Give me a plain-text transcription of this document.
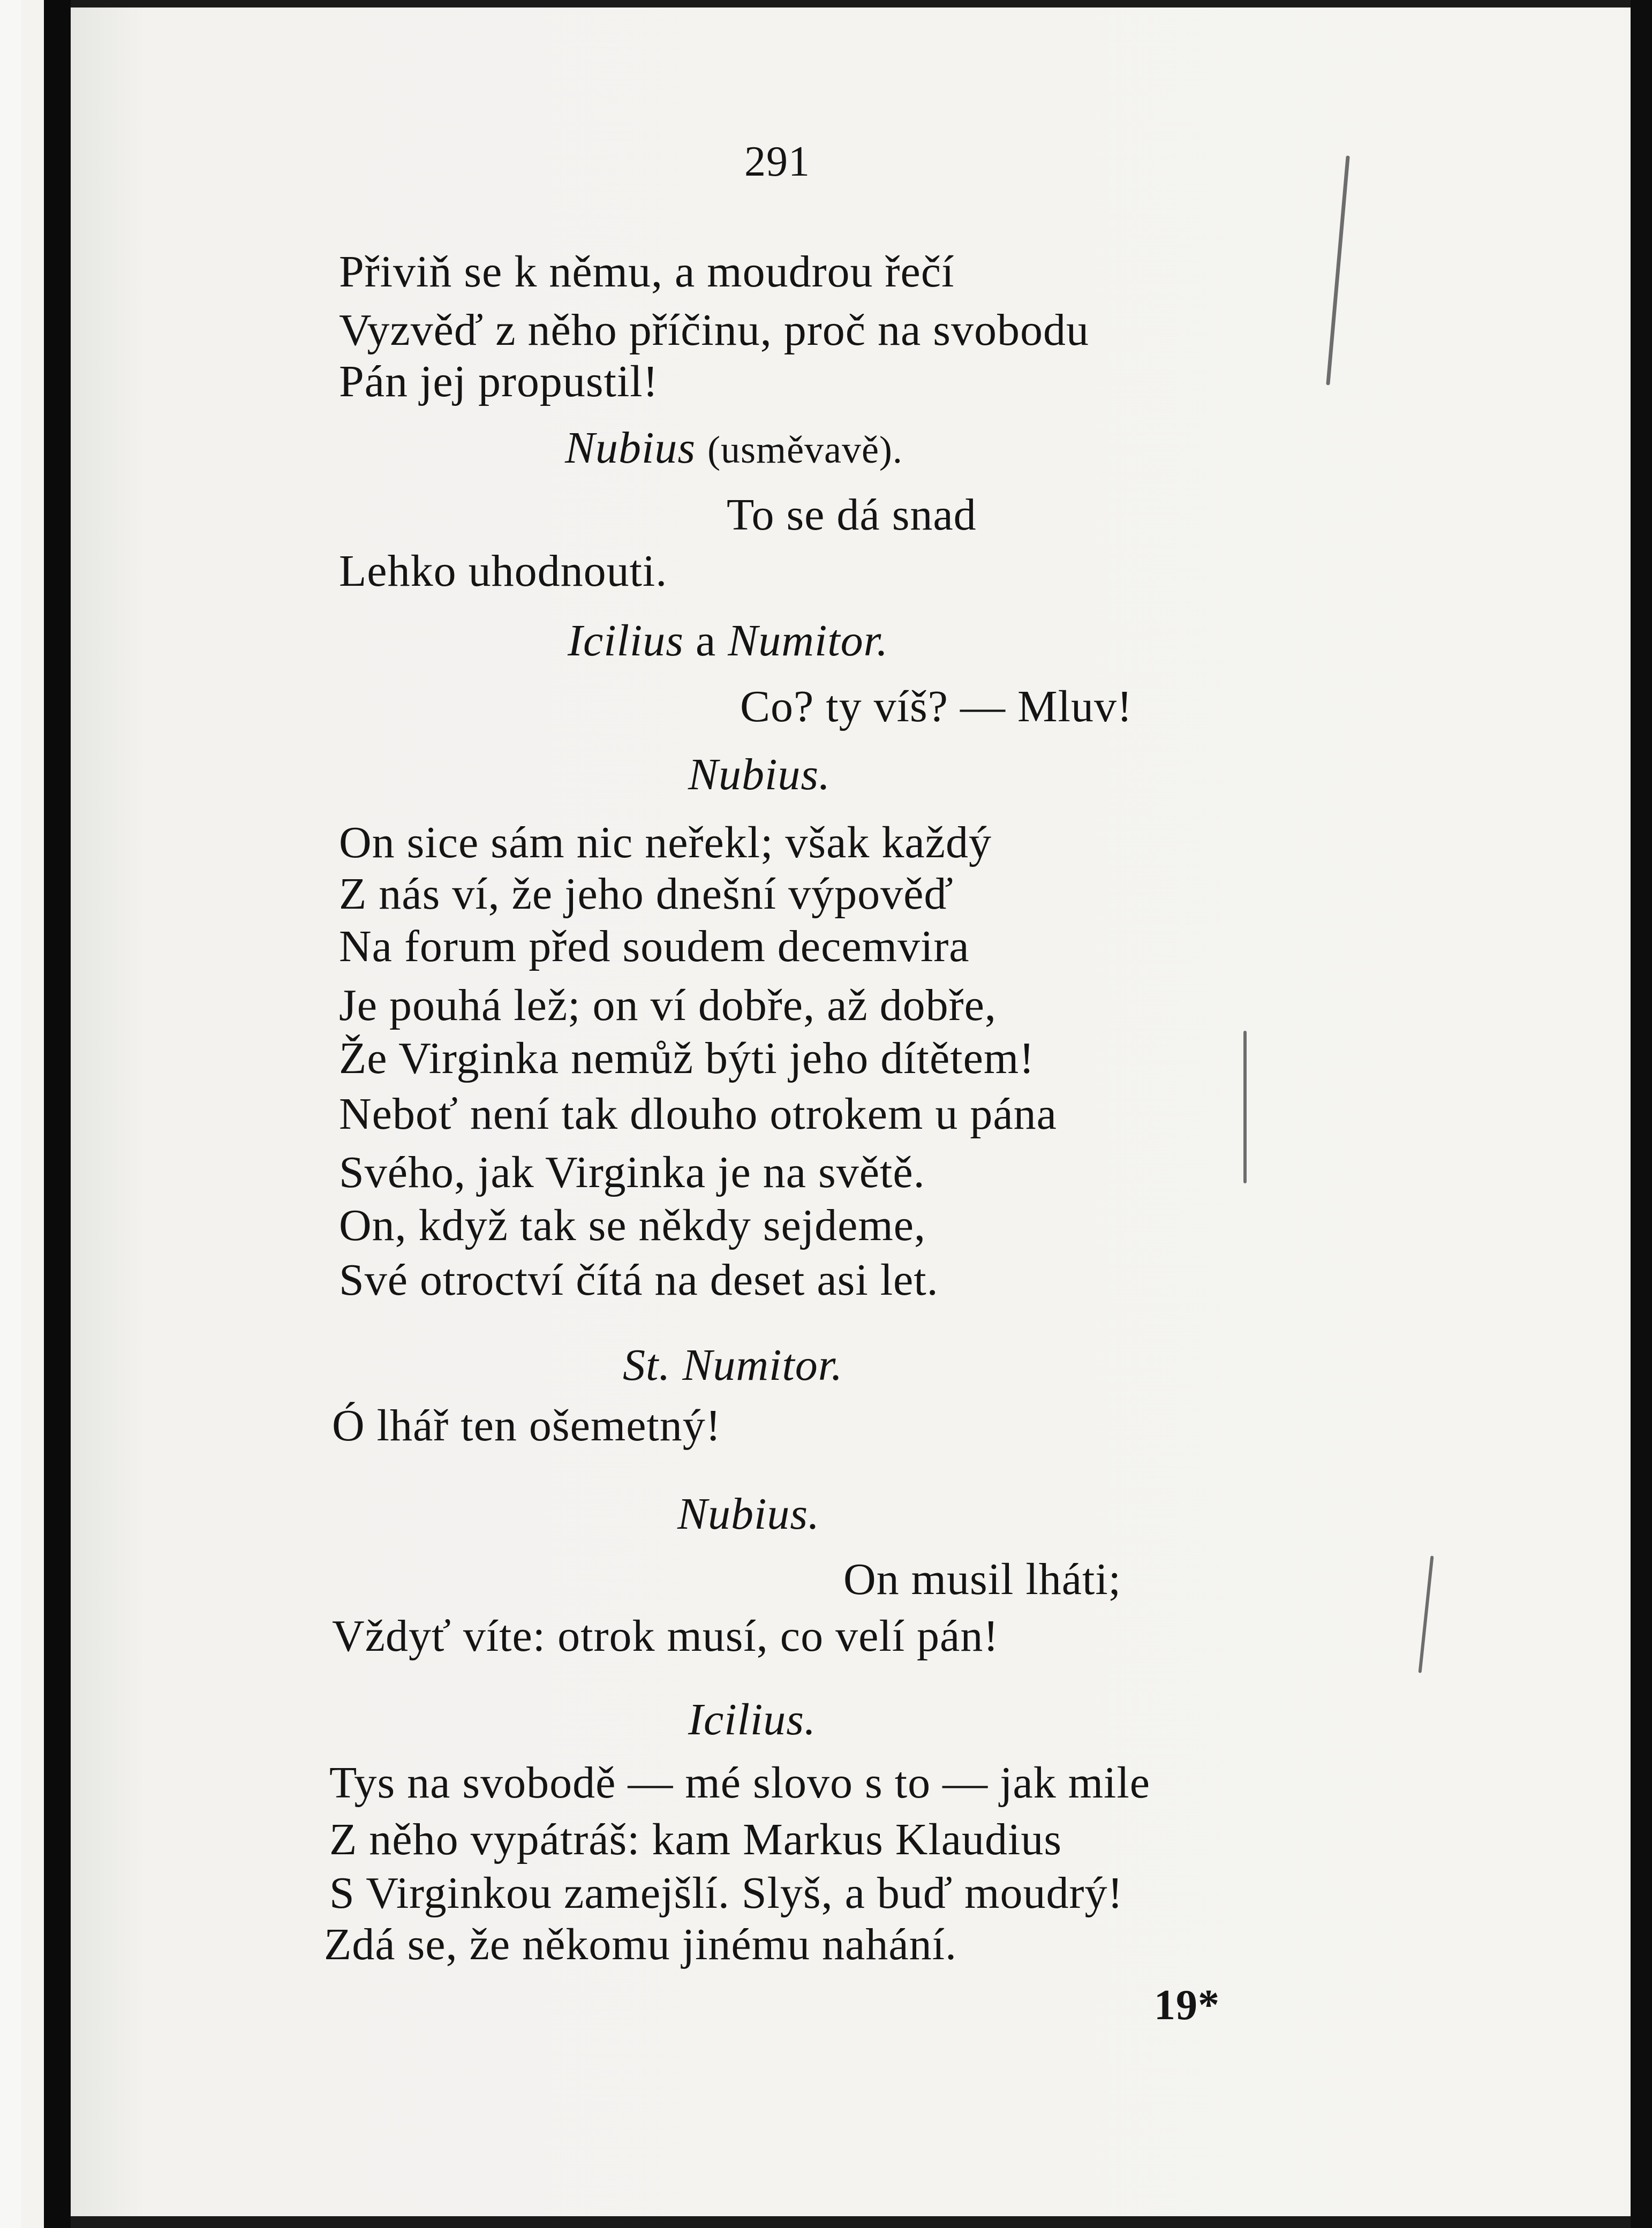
291
Přiviň se k němu, a moudrou řečí
Vyzvěď z něho příčinu, proč na svobodu
Pán jej propustil!
Nubius (usměvavě).
To se dá snad
Lehko uhodnouti.
Icilius a Numitor.
Co? ty víš? — Mluv!
Nubius.
On sice sám nic neřekl; však každý
Z nás ví, že jeho dnešní výpověď
Na forum před soudem decemvira
Je pouhá lež; on ví dobře, až dobře,
Že Virginka nemůž býti jeho dítětem!
Neboť není tak dlouho otrokem u pána
Svého, jak Virginka je na světě.
On, když tak se někdy sejdeme,
Své otroctví čítá na deset asi let.
St. Numitor.
Ó lhář ten ošemetný!
Nubius.
On musil lháti;
Vždyť víte: otrok musí, co velí pán!
Icilius.
Tys na svobodě — mé slovo s to — jak mile
Z něho vypátráš: kam Markus Klaudius
S Virginkou zamejšlí. Slyš, a buď moudrý!
Zdá se, že někomu jinému nahání.
19*
